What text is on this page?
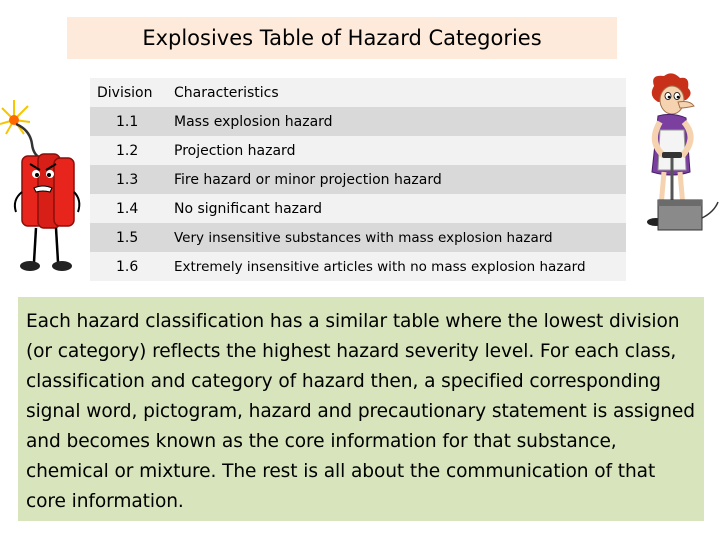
Explosives Table of Hazard Categories
Division	Characteristics
1.1	Mass explosion hazard
1.2	Projection hazard
1.3	Fire hazard or minor projection hazard
1.4	No significant hazard
1.5	Very insensitive substances with mass explosion hazard
1.6	Extremely insensitive articles with no mass explosion hazard
Each hazard classification has a similar table where the lowest division (or category) reflects the highest hazard severity level. For each class, classification and category of hazard then, a specified corresponding signal word, pictogram, hazard and precautionary statement is assigned and becomes known as the core information for that substance, chemical or mixture. The rest is all about the communication of that core information.
